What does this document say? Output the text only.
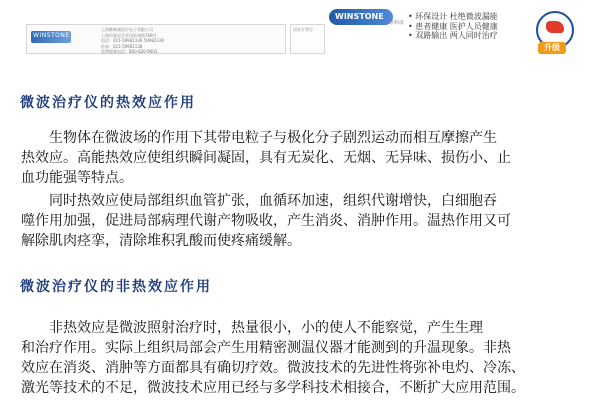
WINSTONE
上海维顿康医疗电子有限公司
上海市嘉定区外冈泉州路768号
电话：021-59981336 59982336
传真：021-59981138
免费服务电话：800-820-9603
国家专利号
WINSTONE
维顿康
• 环保设计 杜绝微波漏能
• 患者健康 医护人员健康
• 双路输出 两人同时治疗
升级
微波治疗仪的热效应作用

　　生物体在微波场的作用下其带电粒子与极化分子剧烈运动而相互摩擦产生
热效应。高能热效应使组织瞬间凝固，具有无炭化、无烟、无异味、损伤小、止
血功能强等特点。

　　同时热效应使局部组织血管扩张，血循环加速，组织代谢增快，白细胞吞
噬作用加强，促进局部病理代谢产物吸收，产生消炎、消肿作用。温热作用又可
解除肌肉痉挛，清除堆积乳酸而使疼痛缓解。

微波治疗仪的非热效应作用

　　非热效应是微波照射治疗时，热量很小，小的使人不能察觉，产生生理
和治疗作用。实际上组织局部会产生用精密测温仪器才能测到的升温现象。非热
效应在消炎、消肿等方面都具有确切疗效。微波技术的先进性将弥补电灼、冷冻、
激光等技术的不足，微波技术应用已经与多学科技术相接合，不断扩大应用范围。
